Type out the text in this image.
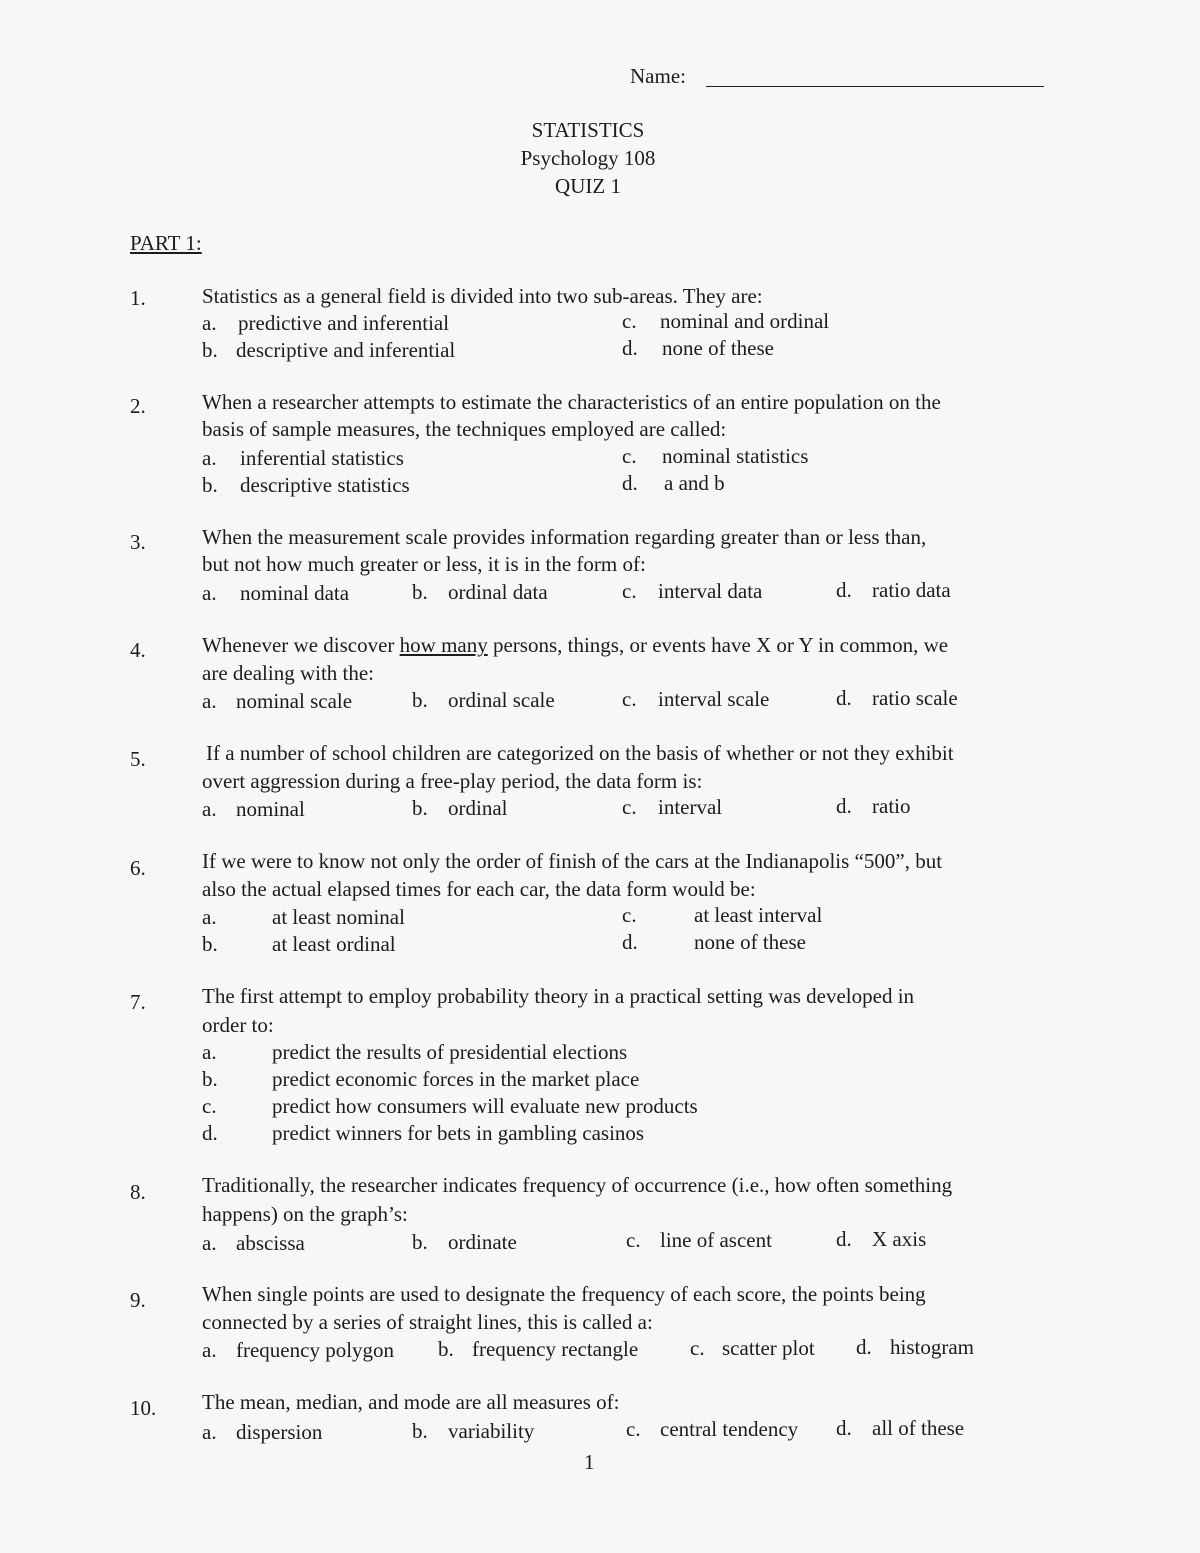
Name:
STATISTICS
Psychology 108
QUIZ 1
PART 1:
1.	Statistics as a general field is divided into two sub-areas. They are:
a. predictive and inferential
b. descriptive and inferential
c. nominal and ordinal
d. none of these
2.	When a researcher attempts to estimate the characteristics of an entire population on the
basis of sample measures, the techniques employed are called:
a. inferential statistics
b. descriptive statistics
c. nominal statistics
d. a and b
3.	When the measurement scale provides information regarding greater than or less than,
but not how much greater or less, it is in the form of:
a. nominal data	b. ordinal data	c. interval data	d. ratio data
4.	Whenever we discover how many persons, things, or events have X or Y in common, we
are dealing with the:
a. nominal scale	b. ordinal scale	c. interval scale	d. ratio scale
5.	If a number of school children are categorized on the basis of whether or not they exhibit
overt aggression during a free-play period, the data form is:
a. nominal	b. ordinal	c. interval	d. ratio
6.	If we were to know not only the order of finish of the cars at the Indianapolis “500”, but
also the actual elapsed times for each car, the data form would be:
a.	at least nominal
b.	at least ordinal
c.	at least interval
d.	none of these
7.	The first attempt to employ probability theory in a practical setting was developed in
order to:
a.	predict the results of presidential elections
b.	predict economic forces in the market place
c.	predict how consumers will evaluate new products
d.	predict winners for bets in gambling casinos
8.	Traditionally, the researcher indicates frequency of occurrence (i.e., how often something
happens) on the graph’s:
a. abscissa	b. ordinate	c. line of ascent	d. X axis
9.	When single points are used to designate the frequency of each score, the points being
connected by a series of straight lines, this is called a:
a. frequency polygon b. frequency rectangle c. scatter plot d. histogram
10. The mean, median, and mode are all measures of:
a. dispersion	b. variability	c. central tendency d. all of these
1
